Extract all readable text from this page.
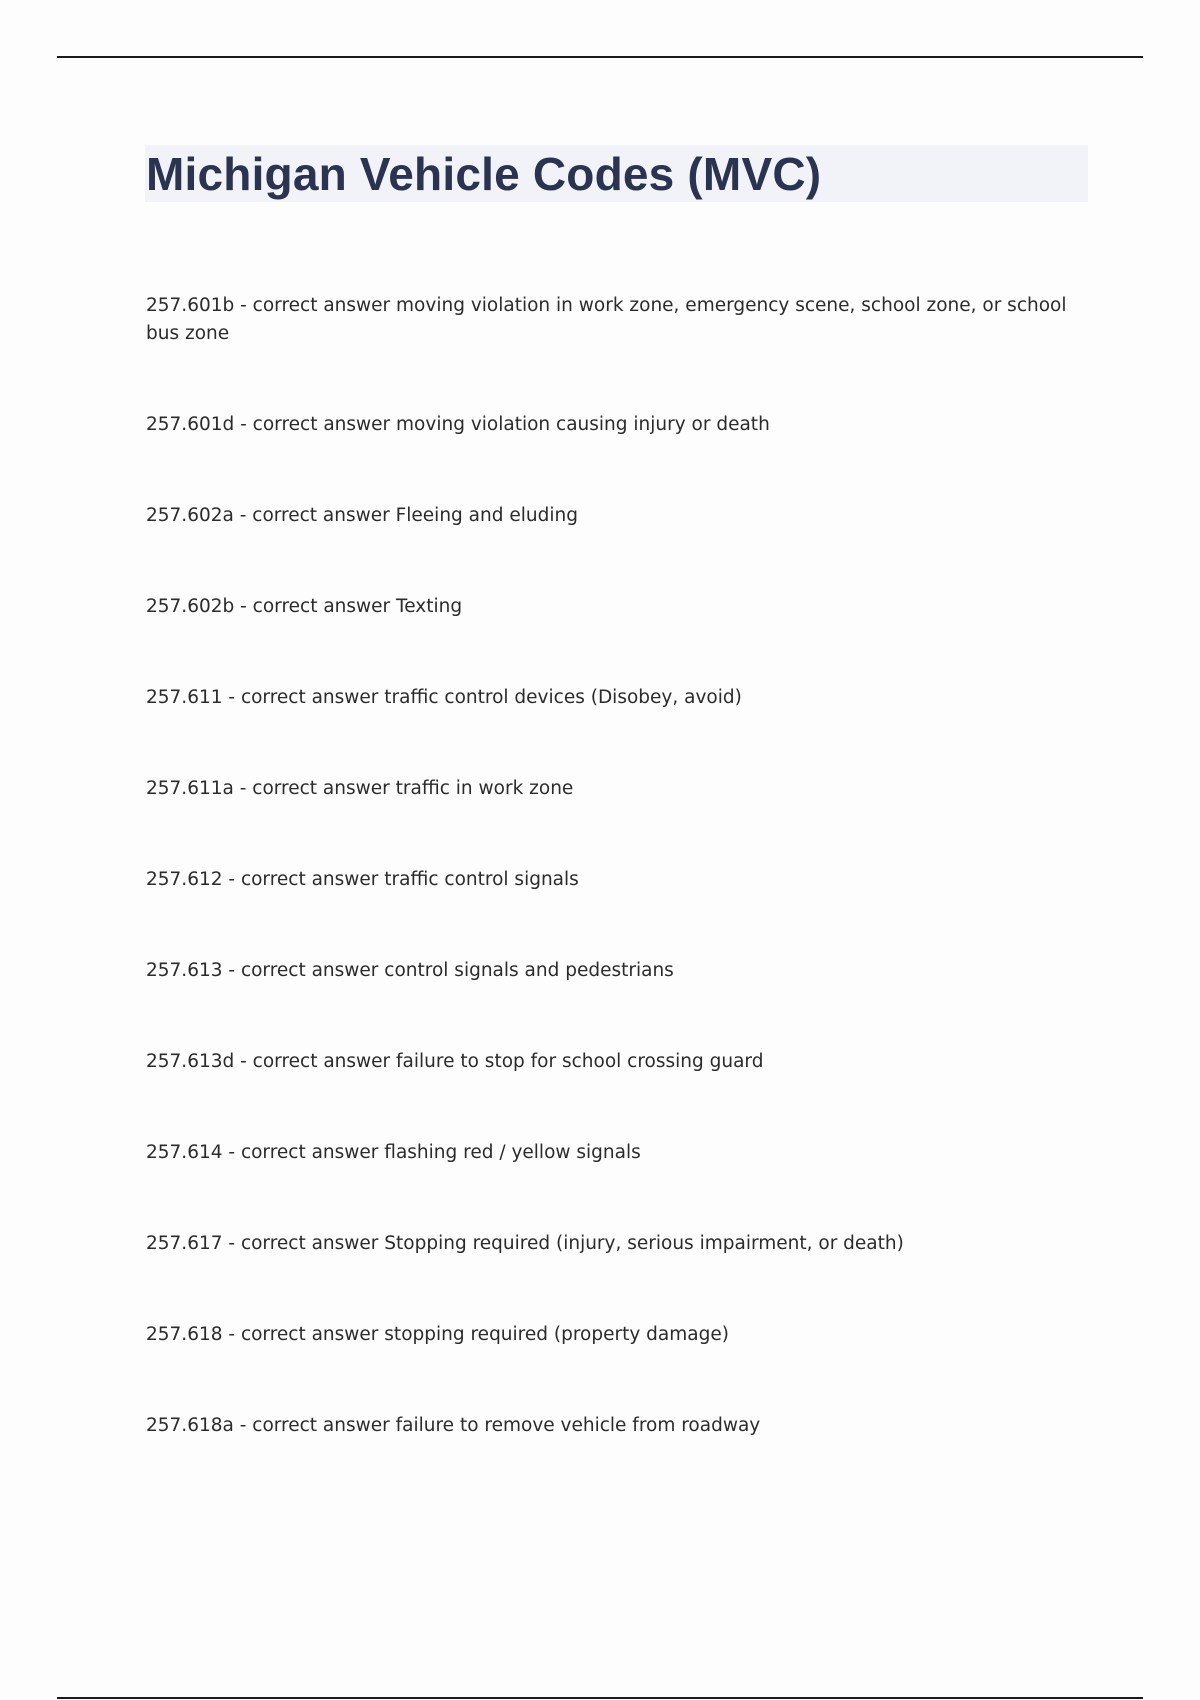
Michigan Vehicle Codes (MVC)
257.601b - correct answer moving violation in work zone, emergency scene, school zone, or school bus zone
257.601d - correct answer moving violation causing injury or death
257.602a - correct answer Fleeing and eluding
257.602b - correct answer Texting
257.611 - correct answer traffic control devices (Disobey, avoid)
257.611a - correct answer traffic in work zone
257.612 - correct answer traffic control signals
257.613 - correct answer control signals and pedestrians
257.613d - correct answer failure to stop for school crossing guard
257.614 - correct answer flashing red / yellow signals
257.617 - correct answer Stopping required (injury, serious impairment, or death)
257.618 - correct answer stopping required (property damage)
257.618a - correct answer failure to remove vehicle from roadway
